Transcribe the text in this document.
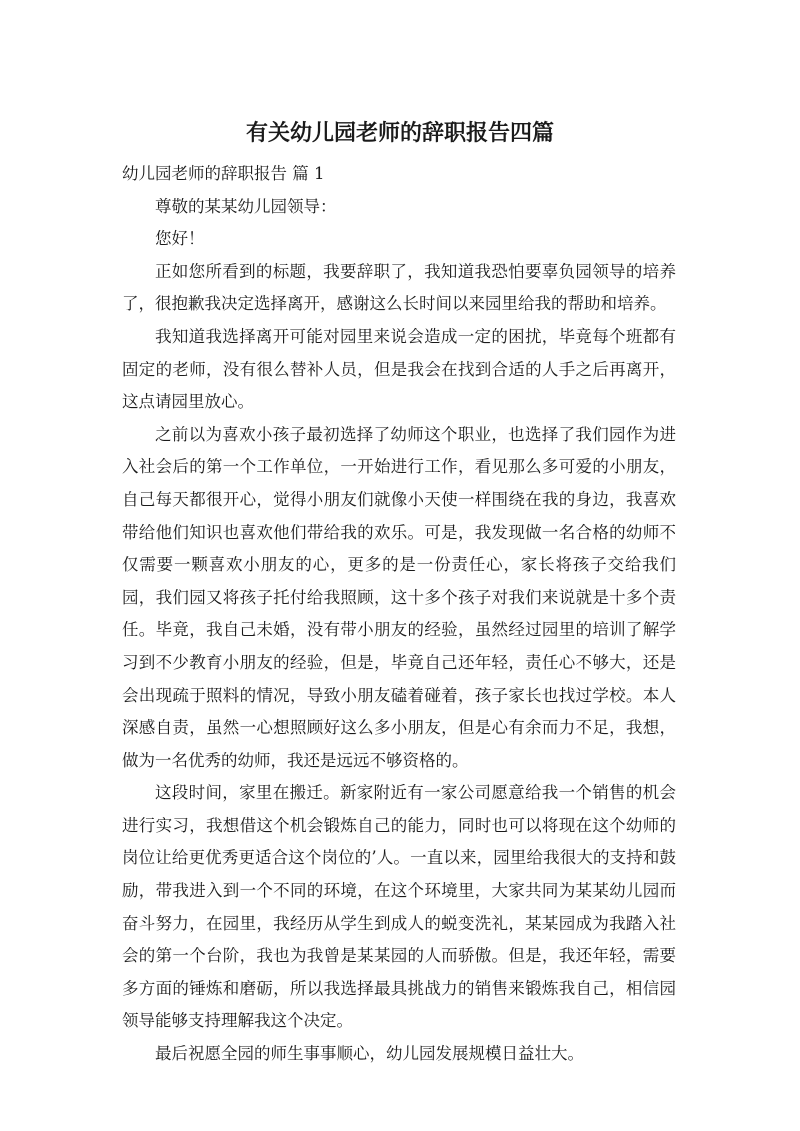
有关幼儿园老师的辞职报告四篇

幼儿园老师的辞职报告 篇 1

尊敬的某某幼儿园领导：

您好！

正如您所看到的标题，我要辞职了，我知道我恐怕要辜负园领导的培养了，很抱歉我决定选择离开，感谢这么长时间以来园里给我的帮助和培养。

我知道我选择离开可能对园里来说会造成一定的困扰，毕竟每个班都有固定的老师，没有很么替补人员，但是我会在找到合适的人手之后再离开，这点请园里放心。

之前以为喜欢小孩子最初选择了幼师这个职业，也选择了我们园作为进入社会后的第一个工作单位，一开始进行工作，看见那么多可爱的小朋友，自己每天都很开心，觉得小朋友们就像小天使一样围绕在我的身边，我喜欢带给他们知识也喜欢他们带给我的欢乐。可是，我发现做一名合格的幼师不仅需要一颗喜欢小朋友的心，更多的是一份责任心，家长将孩子交给我们园，我们园又将孩子托付给我照顾，这十多个孩子对我们来说就是十多个责任。毕竟，我自己未婚，没有带小朋友的经验，虽然经过园里的培训了解学习到不少教育小朋友的经验，但是，毕竟自己还年轻，责任心不够大，还是会出现疏于照料的情况，导致小朋友磕着碰着，孩子家长也找过学校。本人深感自责，虽然一心想照顾好这么多小朋友，但是心有余而力不足，我想，做为一名优秀的幼师，我还是远远不够资格的。

这段时间，家里在搬迁。新家附近有一家公司愿意给我一个销售的机会进行实习，我想借这个机会锻炼自己的能力，同时也可以将现在这个幼师的岗位让给更优秀更适合这个岗位的’人。一直以来，园里给我很大的支持和鼓励，带我进入到一个不同的环境，在这个环境里，大家共同为某某幼儿园而奋斗努力，在园里，我经历从学生到成人的蜕变洗礼，某某园成为我踏入社会的第一个台阶，我也为我曾是某某园的人而骄傲。但是，我还年轻，需要多方面的锤炼和磨砺，所以我选择最具挑战力的销售来锻炼我自己，相信园领导能够支持理解我这个决定。

最后祝愿全园的师生事事顺心，幼儿园发展规模日益壮大。
